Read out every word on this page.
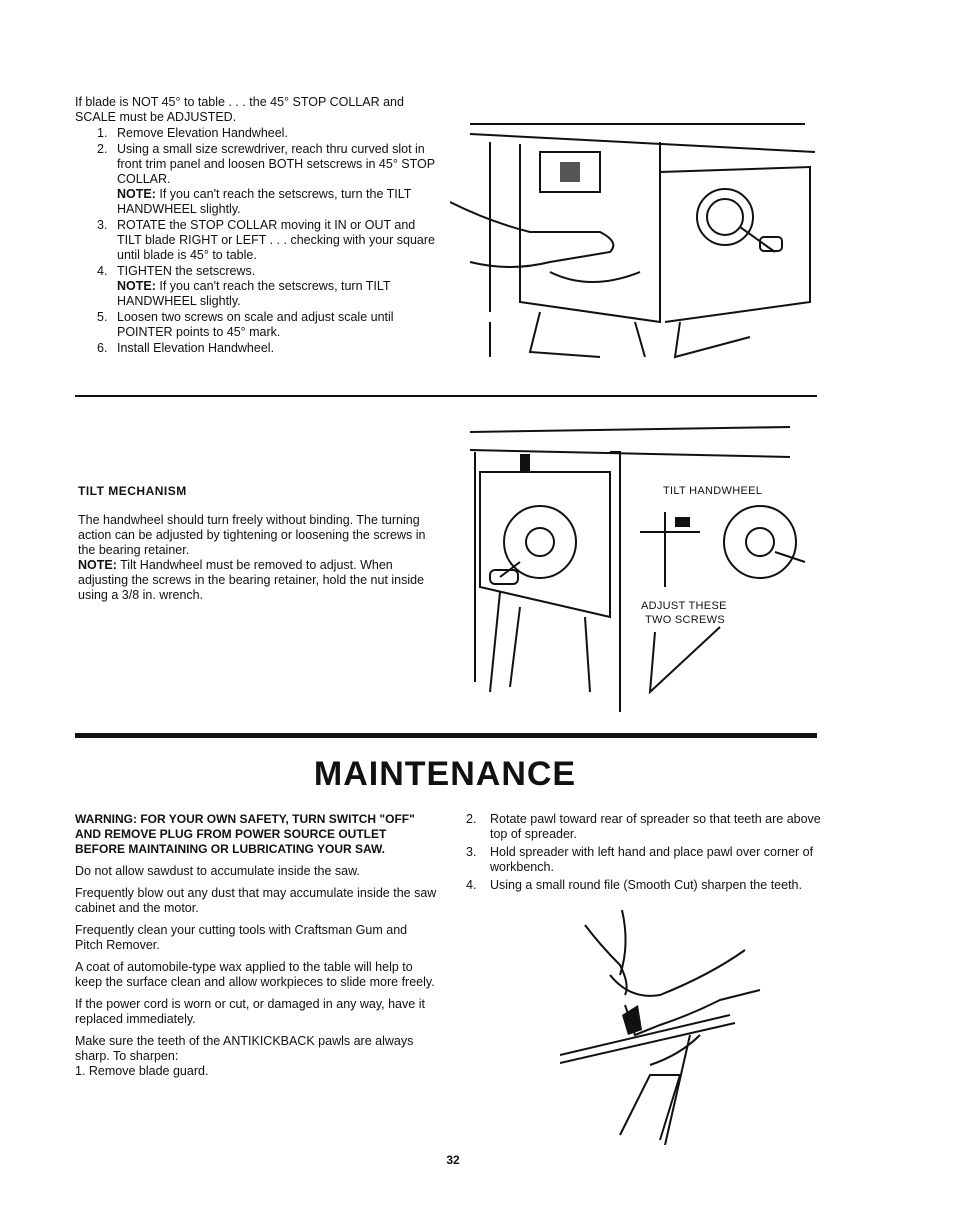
If blade is NOT 45° to table . . . the 45° STOP COLLAR and SCALE must be ADJUSTED.

1. Remove Elevation Handwheel.
2. Using a small size screwdriver, reach thru curved slot in front trim panel and loosen BOTH setscrews in 45° STOP COLLAR.

NOTE: If you can't reach the setscrews, turn the TILT HANDWHEEL slightly.

3. ROTATE the STOP COLLAR moving it IN or OUT and TILT blade RIGHT or LEFT . . . checking with your square until blade is 45° to table.
4. TIGHTEN the setscrews.

NOTE: If you can't reach the setscrews, turn TILT HANDWHEEL slightly.

5. Loosen two screws on scale and adjust scale until POINTER points to 45° mark.
6. Install Elevation Handwheel.
TILT MECHANISM

The handwheel should turn freely without binding. The turning action can be adjusted by tightening or loosening the screws in the bearing retainer.

NOTE: Tilt Handwheel must be removed to adjust. When adjusting the screws in the bearing retainer, hold the nut inside using a 3/8 in. wrench.

TILT HANDWHEEL
ADJUST THESE
TWO SCREWS
MAINTENANCE

WARNING: FOR YOUR OWN SAFETY, TURN SWITCH "OFF" AND REMOVE PLUG FROM POWER SOURCE OUTLET BEFORE MAINTAINING OR LUBRICATING YOUR SAW.

Do not allow sawdust to accumulate inside the saw.

Frequently blow out any dust that may accumulate inside the saw cabinet and the motor.

Frequently clean your cutting tools with Craftsman Gum and Pitch Remover.

A coat of automobile-type wax applied to the table will help to keep the surface clean and allow workpieces to slide more freely.

If the power cord is worn or cut, or damaged in any way, have it replaced immediately.

Make sure the teeth of the ANTIKICKBACK pawls are always sharp. To sharpen:

1. Remove blade guard.

2.	Rotate pawl toward rear of spreader so that teeth are above top of spreader.
3.	Hold spreader with left hand and place pawl over corner of workbench.
4.	Using a small round file (Smooth Cut) sharpen the teeth.
32
